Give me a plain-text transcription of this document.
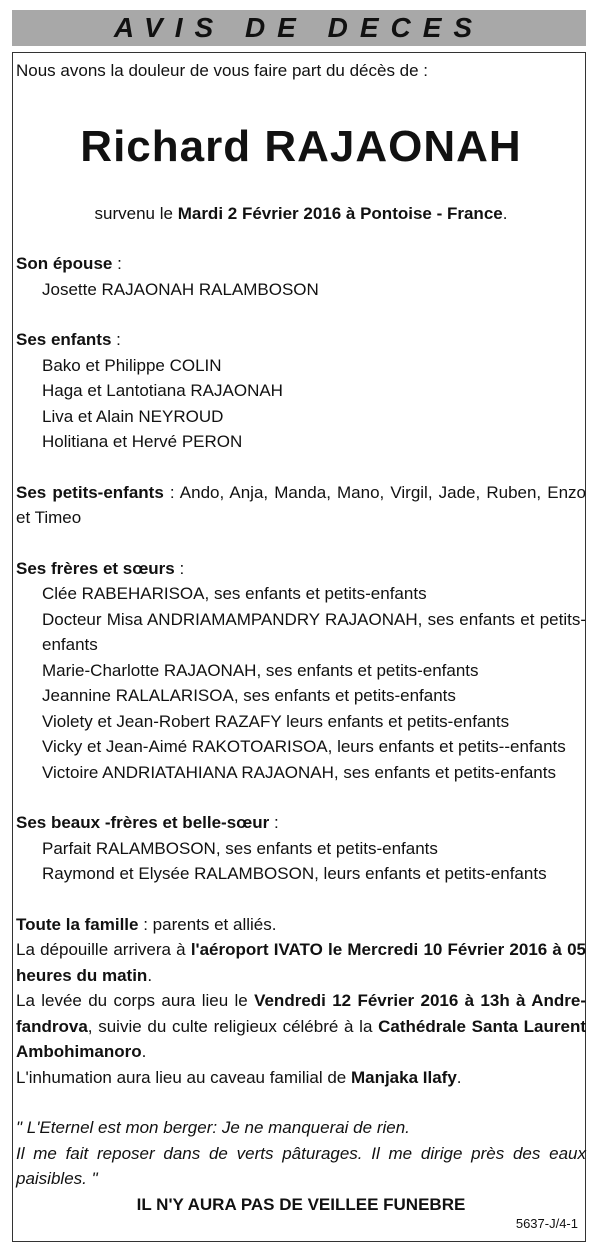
AVIS DE DECES

Nous avons la douleur de vous faire part du décès de :

Richard RAJAONAH

survenu le Mardi 2 Février 2016 à Pontoise - France.

Son épouse :

Josette RAJAONAH RALAMBOSON

Ses enfants :

Bako et Philippe COLIN

Haga et Lantotiana RAJAONAH

Liva et Alain NEYROUD

Holitiana et Hervé PERON

Ses petits-enfants : Ando, Anja, Manda, Mano, Virgil, Jade, Ruben, Enzo et Timeo

Ses frères et sœurs :

Clée RABEHARISOA, ses enfants et petits-enfants

Docteur Misa ANDRIAMAMPANDRY RAJAONAH, ses enfants et petits-enfants

Marie-Charlotte RAJAONAH, ses enfants et petits-enfants

Jeannine RALALARISOA, ses enfants et petits-enfants

Violety et Jean-Robert RAZAFY leurs enfants et petits-enfants

Vicky et Jean-Aimé RAKOTOARISOA, leurs enfants et petits--enfants

Victoire ANDRIATAHIANA RAJAONAH, ses enfants et petits-enfants

Ses beaux -frères et belle-sœur :

Parfait RALAMBOSON, ses enfants et petits-enfants

Raymond et Elysée RALAMBOSON, leurs enfants et petits-enfants

Toute la famille : parents et alliés.

La dépouille arrivera à l'aéroport IVATO le Mercredi 10 Février 2016 à 05 heures du matin.

La levée du corps aura lieu le Vendredi 12 Février 2016 à 13h à Andre-fandrova, suivie du culte religieux célébré à la Cathédrale Santa Laurent Ambohimanoro.

L'inhumation aura lieu au caveau familial de Manjaka Ilafy.

" L'Eternel est mon berger: Je ne manquerai de rien.

Il me fait reposer dans de verts pâturages. Il me dirige près des eaux paisibles. "

IL N'Y AURA PAS DE VEILLEE FUNEBRE

5637-J/4-1
